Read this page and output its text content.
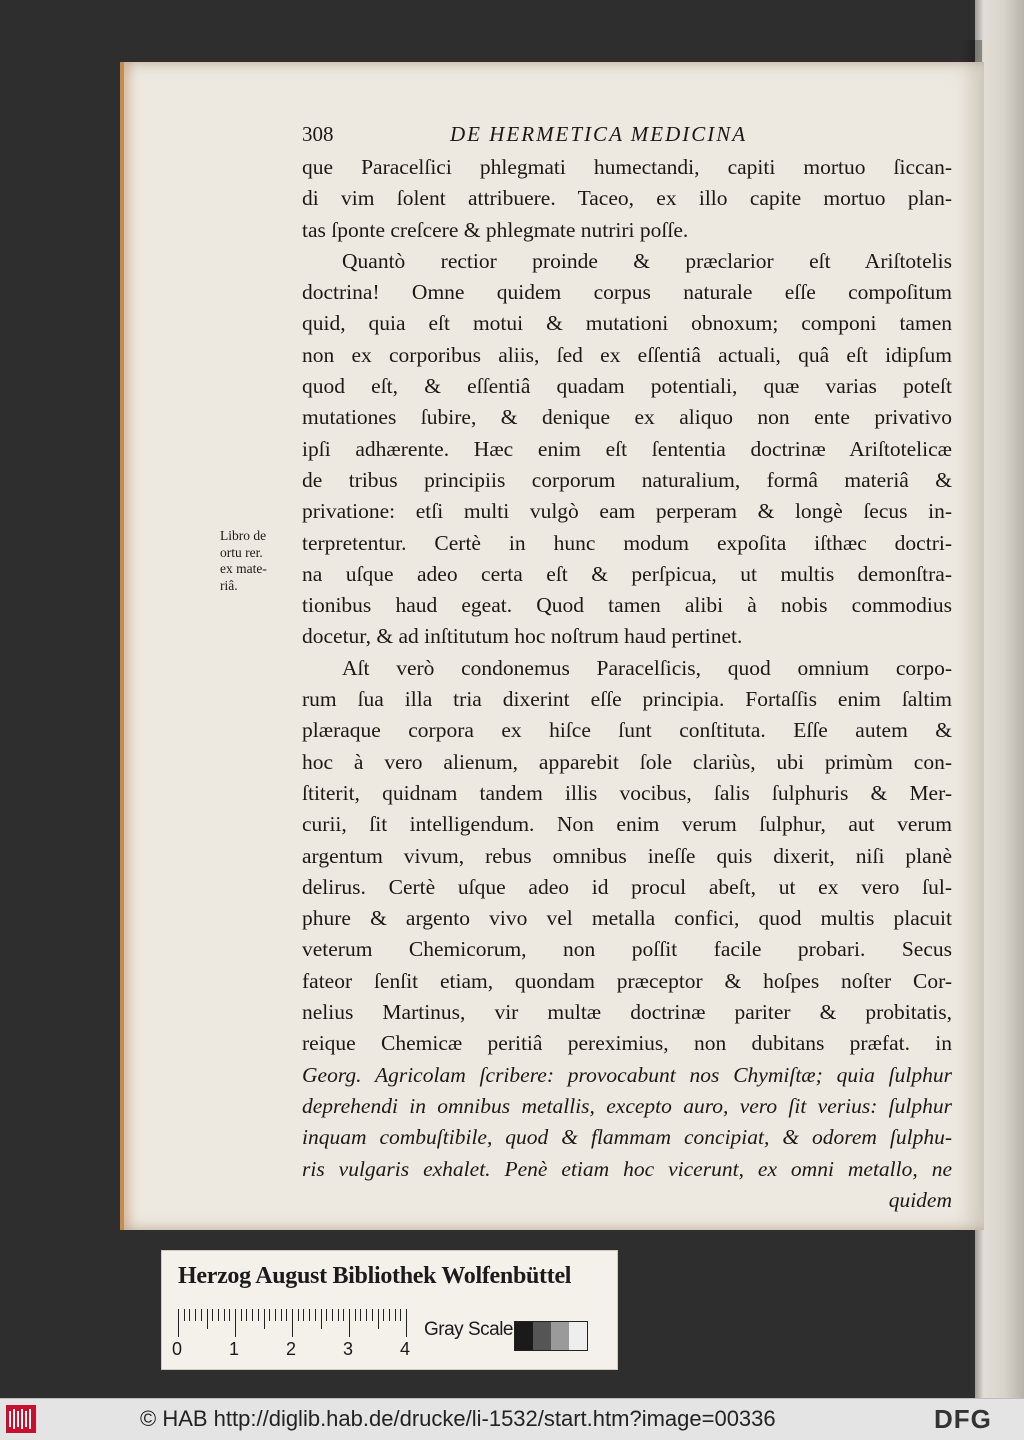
308	DE HERMETICA MEDICINA
que Paracelſici phlegmati humectandi, capiti mortuo ſiccan-
di vim ſolent attribuere. Taceo, ex illo capite mortuo plan-
tas ſponte creſcere & phlegmate nutriri poſſe.
Quantò rectior proinde & præclarior eſt Ariſtotelis
doctrina! Omne quidem corpus naturale eſſe compoſitum
quid, quia eſt motui & mutationi obnoxum; componi tamen
non ex corporibus aliis, ſed ex eſſentiâ actuali, quâ eſt idipſum
quod eſt, & eſſentiâ quadam potentiali, quæ varias poteſt
mutationes ſubire, & denique ex aliquo non ente privativo
ipſi adhærente. Hæc enim eſt ſententia doctrinæ Ariſtotelicæ
de tribus principiis corporum naturalium, formâ materiâ &
privatione: etſi multi vulgò eam perperam & longè ſecus in-
terpretentur. Certè in hunc modum expoſita iſthæc doctri-
na uſque adeo certa eſt & perſpicua, ut multis demonſtra-
tionibus haud egeat. Quod tamen alibi à nobis commodius
docetur, & ad inſtitutum hoc noſtrum haud pertinet.
Aſt verò condonemus Paracelſicis, quod omnium corpo-
rum ſua illa tria dixerint eſſe principia. Fortaſſis enim ſaltim
plæraque corpora ex hiſce ſunt conſtituta. Eſſe autem &
hoc à vero alienum, apparebit ſole clariùs, ubi primùm con-
ſtiterit, quidnam tandem illis vocibus, ſalis ſulphuris & Mer-
curii, ſit intelligendum. Non enim verum ſulphur, aut verum
argentum vivum, rebus omnibus ineſſe quis dixerit, niſi planè
delirus. Certè uſque adeo id procul abeſt, ut ex vero ſul-
phure & argento vivo vel metalla confici, quod multis placuit
veterum Chemicorum, non poſſit facile probari. Secus
fateor ſenſit etiam, quondam præceptor & hoſpes noſter Cor-
nelius Martinus, vir multæ doctrinæ pariter & probitatis,
reique Chemicæ peritiâ pereximius, non dubitans præfat. in
Georg. Agricolam ſcribere: provocabunt nos Chymiſtæ; quia ſulphur
deprehendi in omnibus metallis, excepto auro, vero ſit verius: ſulphur
inquam combuſtibile, quod & flammam concipiat, & odorem ſulphu-
ris vulgaris exhalet. Penè etiam hoc vicerunt, ex omni metallo, ne
quidem
Libro de
ortu rer.
ex mate-
riâ.
Herzog August Bibliothek Wolfenbüttel
0	1	2	3	4
Gray Scale
© HAB http://diglib.hab.de/drucke/li-1532/start.htm?image=00336	DFG
